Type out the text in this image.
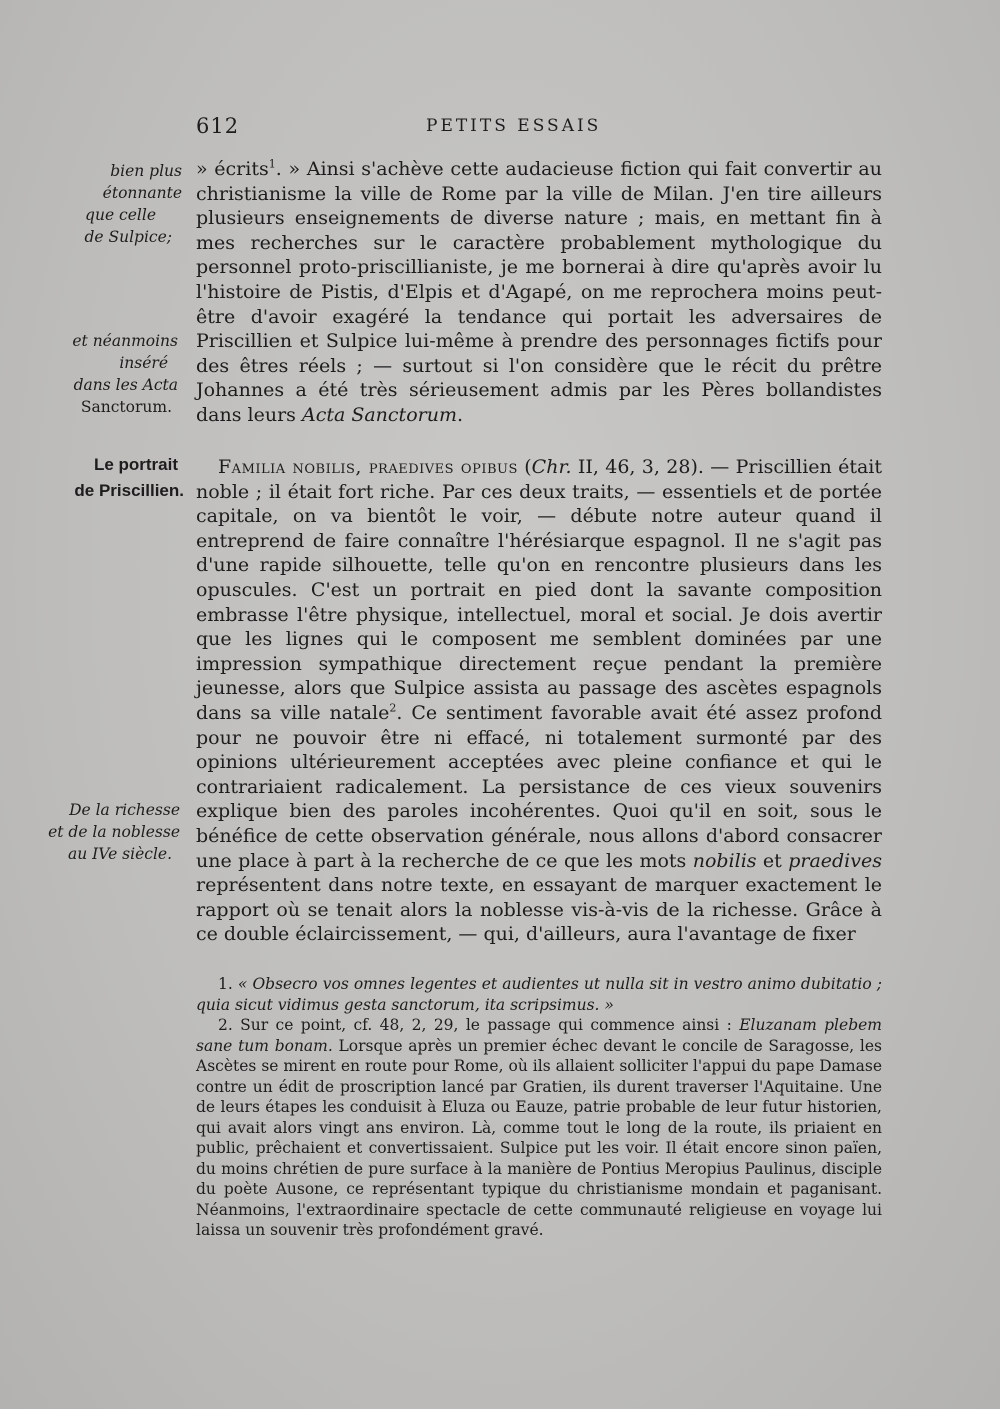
612	PETITS ESSAIS
bien plus étonnante
que celle
de Sulpice;
et néanmoins
inséré
dans les Acta
Sanctorum.
Le portrait
de Priscillien.
De la richesse
et de la noblesse
au IVe siècle.

» écrits$^1$. » Ainsi s'achève cette audacieuse fiction qui fait convertir au christianisme la ville de Rome par la ville de Milan. J'en tire ailleurs plusieurs enseignements de diverse nature ; mais, en mettant fin à mes recherches sur le caractère probablement mythologique du personnel proto-priscillianiste, je me bornerai à dire qu'après avoir lu l'histoire de Pistis, d'Elpis et d'Agapé, on me reprochera moins peut-être d'avoir exagéré la tendance qui portait les adversaires de Priscillien et Sulpice lui-même à prendre des personnages fictifs pour des êtres réels ; — surtout si l'on considère que le récit du prêtre Johannes a été très sérieusement admis par les Pères bollandistes dans leurs Acta Sanctorum.

Familia nobilis, praedives opibus (Chr. II, 46, 3, 28). — Priscillien était noble ; il était fort riche. Par ces deux traits, — essentiels et de portée capitale, on va bientôt le voir, — débute notre auteur quand il entreprend de faire connaître l'hérésiarque espagnol. Il ne s'agit pas d'une rapide silhouette, telle qu'on en rencontre plusieurs dans les opuscules. C'est un portrait en pied dont la savante composition embrasse l'être physique, intellectuel, moral et social. Je dois avertir que les lignes qui le composent me semblent dominées par une impression sympathique directement reçue pendant la première jeunesse, alors que Sulpice assista au passage des ascètes espagnols dans sa ville natale$^2$. Ce sentiment favorable avait été assez profond pour ne pouvoir être ni effacé, ni totalement surmonté par des opinions ultérieurement acceptées avec pleine confiance et qui le contrariaient radicalement. La persistance de ces vieux souvenirs explique bien des paroles incohérentes. Quoi qu'il en soit, sous le bénéfice de cette observation générale, nous allons d'abord consacrer une place à part à la recherche de ce que les mots nobilis et praedives représentent dans notre texte, en essayant de marquer exactement le rapport où se tenait alors la noblesse vis-à-vis de la richesse. Grâce à ce double éclaircissement, — qui, d'ailleurs, aura l'avantage de fixer

1. « Obsecro vos omnes legentes et audientes ut nulla sit in vestro animo dubitatio ; quia sicut vidimus gesta sanctorum, ita scripsimus. »

2. Sur ce point, cf. 48, 2, 29, le passage qui commence ainsi : Eluzanam plebem sane tum bonam. Lorsque après un premier échec devant le concile de Saragosse, les Ascètes se mirent en route pour Rome, où ils allaient solliciter l'appui du pape Damase contre un édit de proscription lancé par Gratien, ils durent traverser l'Aquitaine. Une de leurs étapes les conduisit à Eluza ou Eauze, patrie probable de leur futur historien, qui avait alors vingt ans environ. Là, comme tout le long de la route, ils priaient en public, prêchaient et convertissaient. Sulpice put les voir. Il était encore sinon païen, du moins chrétien de pure surface à la manière de Pontius Meropius Paulinus, disciple du poète Ausone, ce représentant typique du christianisme mondain et paganisant. Néanmoins, l'extraordinaire spectacle de cette communauté religieuse en voyage lui laissa un souvenir très profondément gravé.
